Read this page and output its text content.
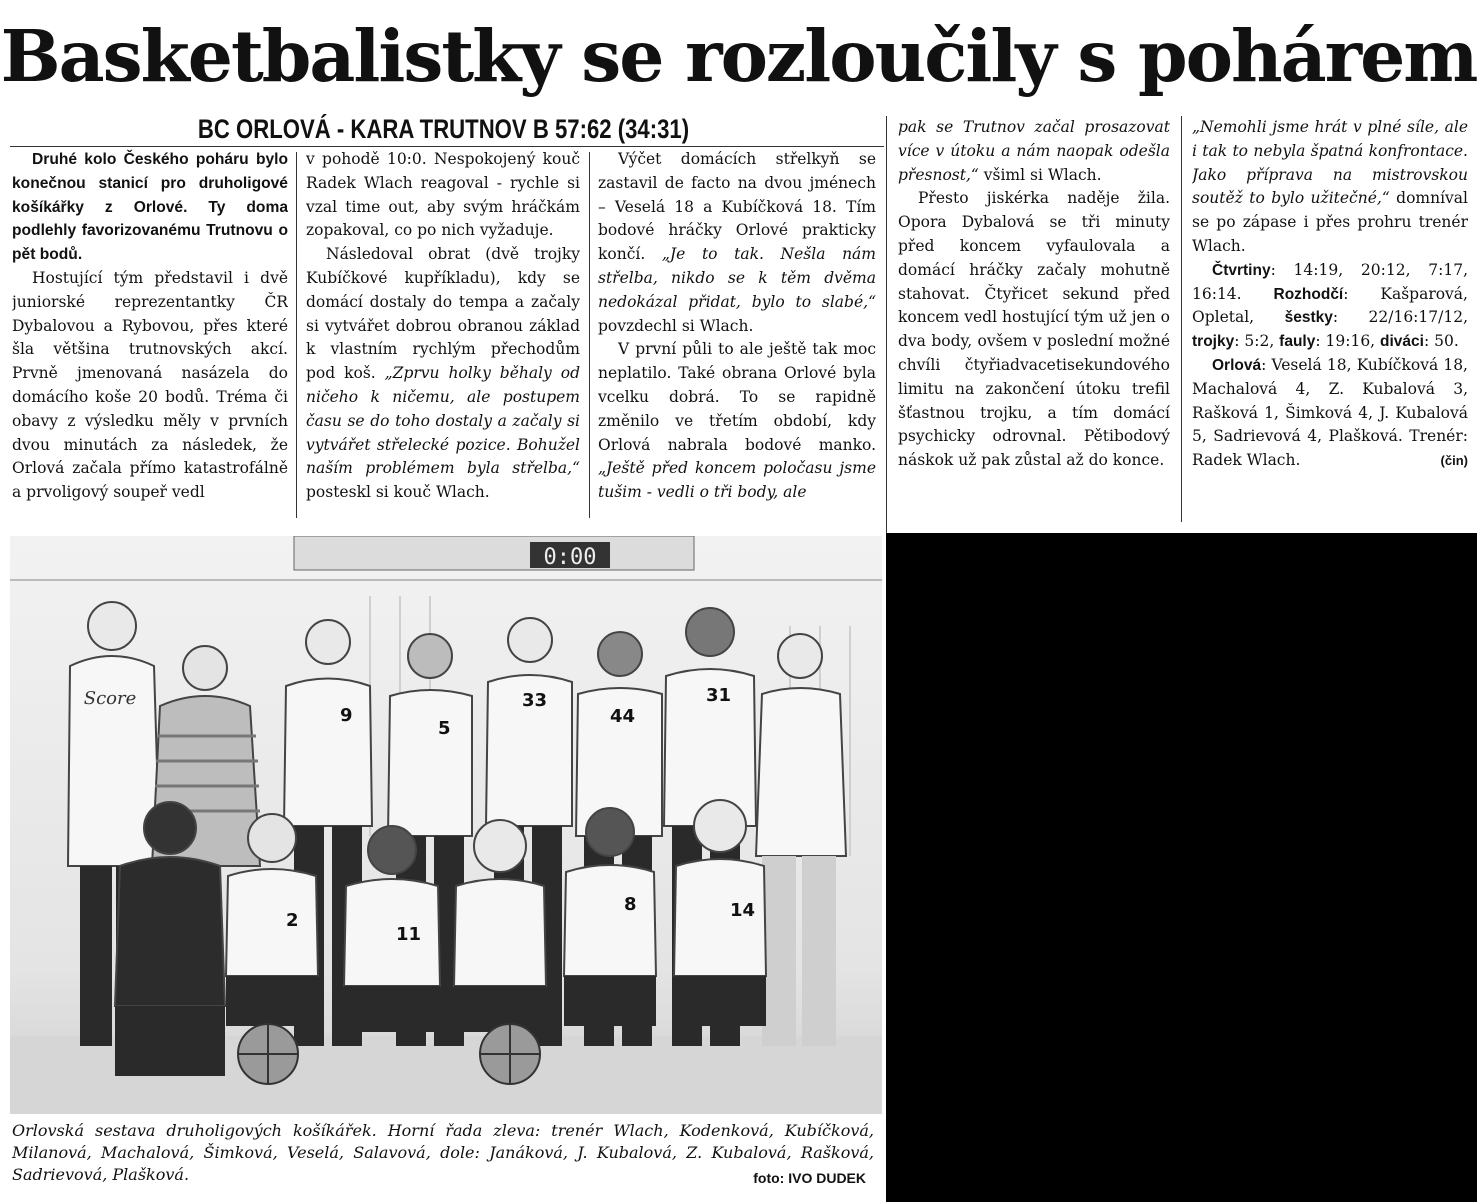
Basketbalistky se rozloučily s pohárem
BC ORLOVÁ - KARA TRUTNOV B 57:62 (34:31)

Druhé kolo Českého poháru bylo konečnou stanicí pro druholigové košíkářky z Orlové. Ty doma podlehly favorizovanému Trutnovu o pět bodů.

Hostující tým představil i dvě juniorské reprezentantky ČR Dybalovou a Rybovou, přes které šla většina trutnovských akcí. Prvně jmenovaná nasázela do domácího koše 20 bodů. Tréma či obavy z výsledku měly v prvních dvou minutách za následek, že Orlová začala přímo katastrofálně a prvoligový soupeř vedl

v pohodě 10:0. Nespokojený kouč Radek Wlach reagoval - rychle si vzal time out, aby svým hráčkám zopakoval, co po nich vyžaduje.

Následoval obrat (dvě trojky Kubíčkové kupříkladu), kdy se domácí dostaly do tempa a začaly si vytvářet dobrou obranou základ k vlastním rychlým přechodům pod koš. „Zprvu holky běhaly od ničeho k ničemu, ale postupem času se do toho dostaly a začaly si vytvářet střelecké pozice. Bohužel naším problémem byla střelba,“ posteskl si kouč Wlach.

Výčet domácích střelkyň se zastavil de facto na dvou jménech – Veselá 18 a Kubíčková 18. Tím bodové hráčky Orlové prakticky končí. „Je to tak. Nešla nám střelba, nikdo se k těm dvěma nedokázal přidat, bylo to slabé,“ povzdechl si Wlach.

V první půli to ale ještě tak moc neplatilo. Také obrana Orlové byla vcelku dobrá. To se rapidně změnilo ve třetím období, kdy Orlová nabrala bodové manko. „Ještě před koncem poločasu jsme tušim - vedli o tři body, ale

pak se Trutnov začal prosazovat více v útoku a nám naopak odešla přesnost,“ všiml si Wlach.

Přesto jiskérka naděje žila. Opora Dybalová se tři minuty před koncem vyfaulovala a domácí hráčky začaly mohutně stahovat. Čtyřicet sekund před koncem vedl hostující tým už jen o dva body, ovšem v poslední možné chvíli čtyřiadvacetisekundového limitu na zakončení útoku trefil šťastnou trojku, a tím domácí psychicky odrovnal. Pětibodový náskok už pak zůstal až do konce.

„Nemohli jsme hrát v plné síle, ale i tak to nebyla špatná konfrontace. Jako příprava na mistrovskou soutěž to bylo užitečné,“ domníval se po zápase i přes prohru trenér Wlach.

Čtvrtiny: 14:19, 20:12, 7:17, 16:14. Rozhodčí: Kašparová, Opletal, šestky: 22/16:17/12, trojky: 5:2, fauly: 19:16, diváci: 50.

Orlová: Veselá 18, Kubíčková 18, Machalová 4, Z. Kubalová 3, Rašková 1, Šimková 4, J. Kubalová 5, Sadrievová 4, Plašková. Trenér: Radek Wlach.	(čin)

0:00
Score
9
5
33
44
31
2
11
8	14
Orlovská sestava druholigových košíkářek. Horní řada zleva: trenér Wlach, Kodenková, Kubíčková, Milanová, Machalová, Šimková, Veselá, Salavová, dole: Janáková, J. Kubalová, Z. Kubalová, Rašková, Sadrievová, Plašková.	foto: IVO DUDEK
